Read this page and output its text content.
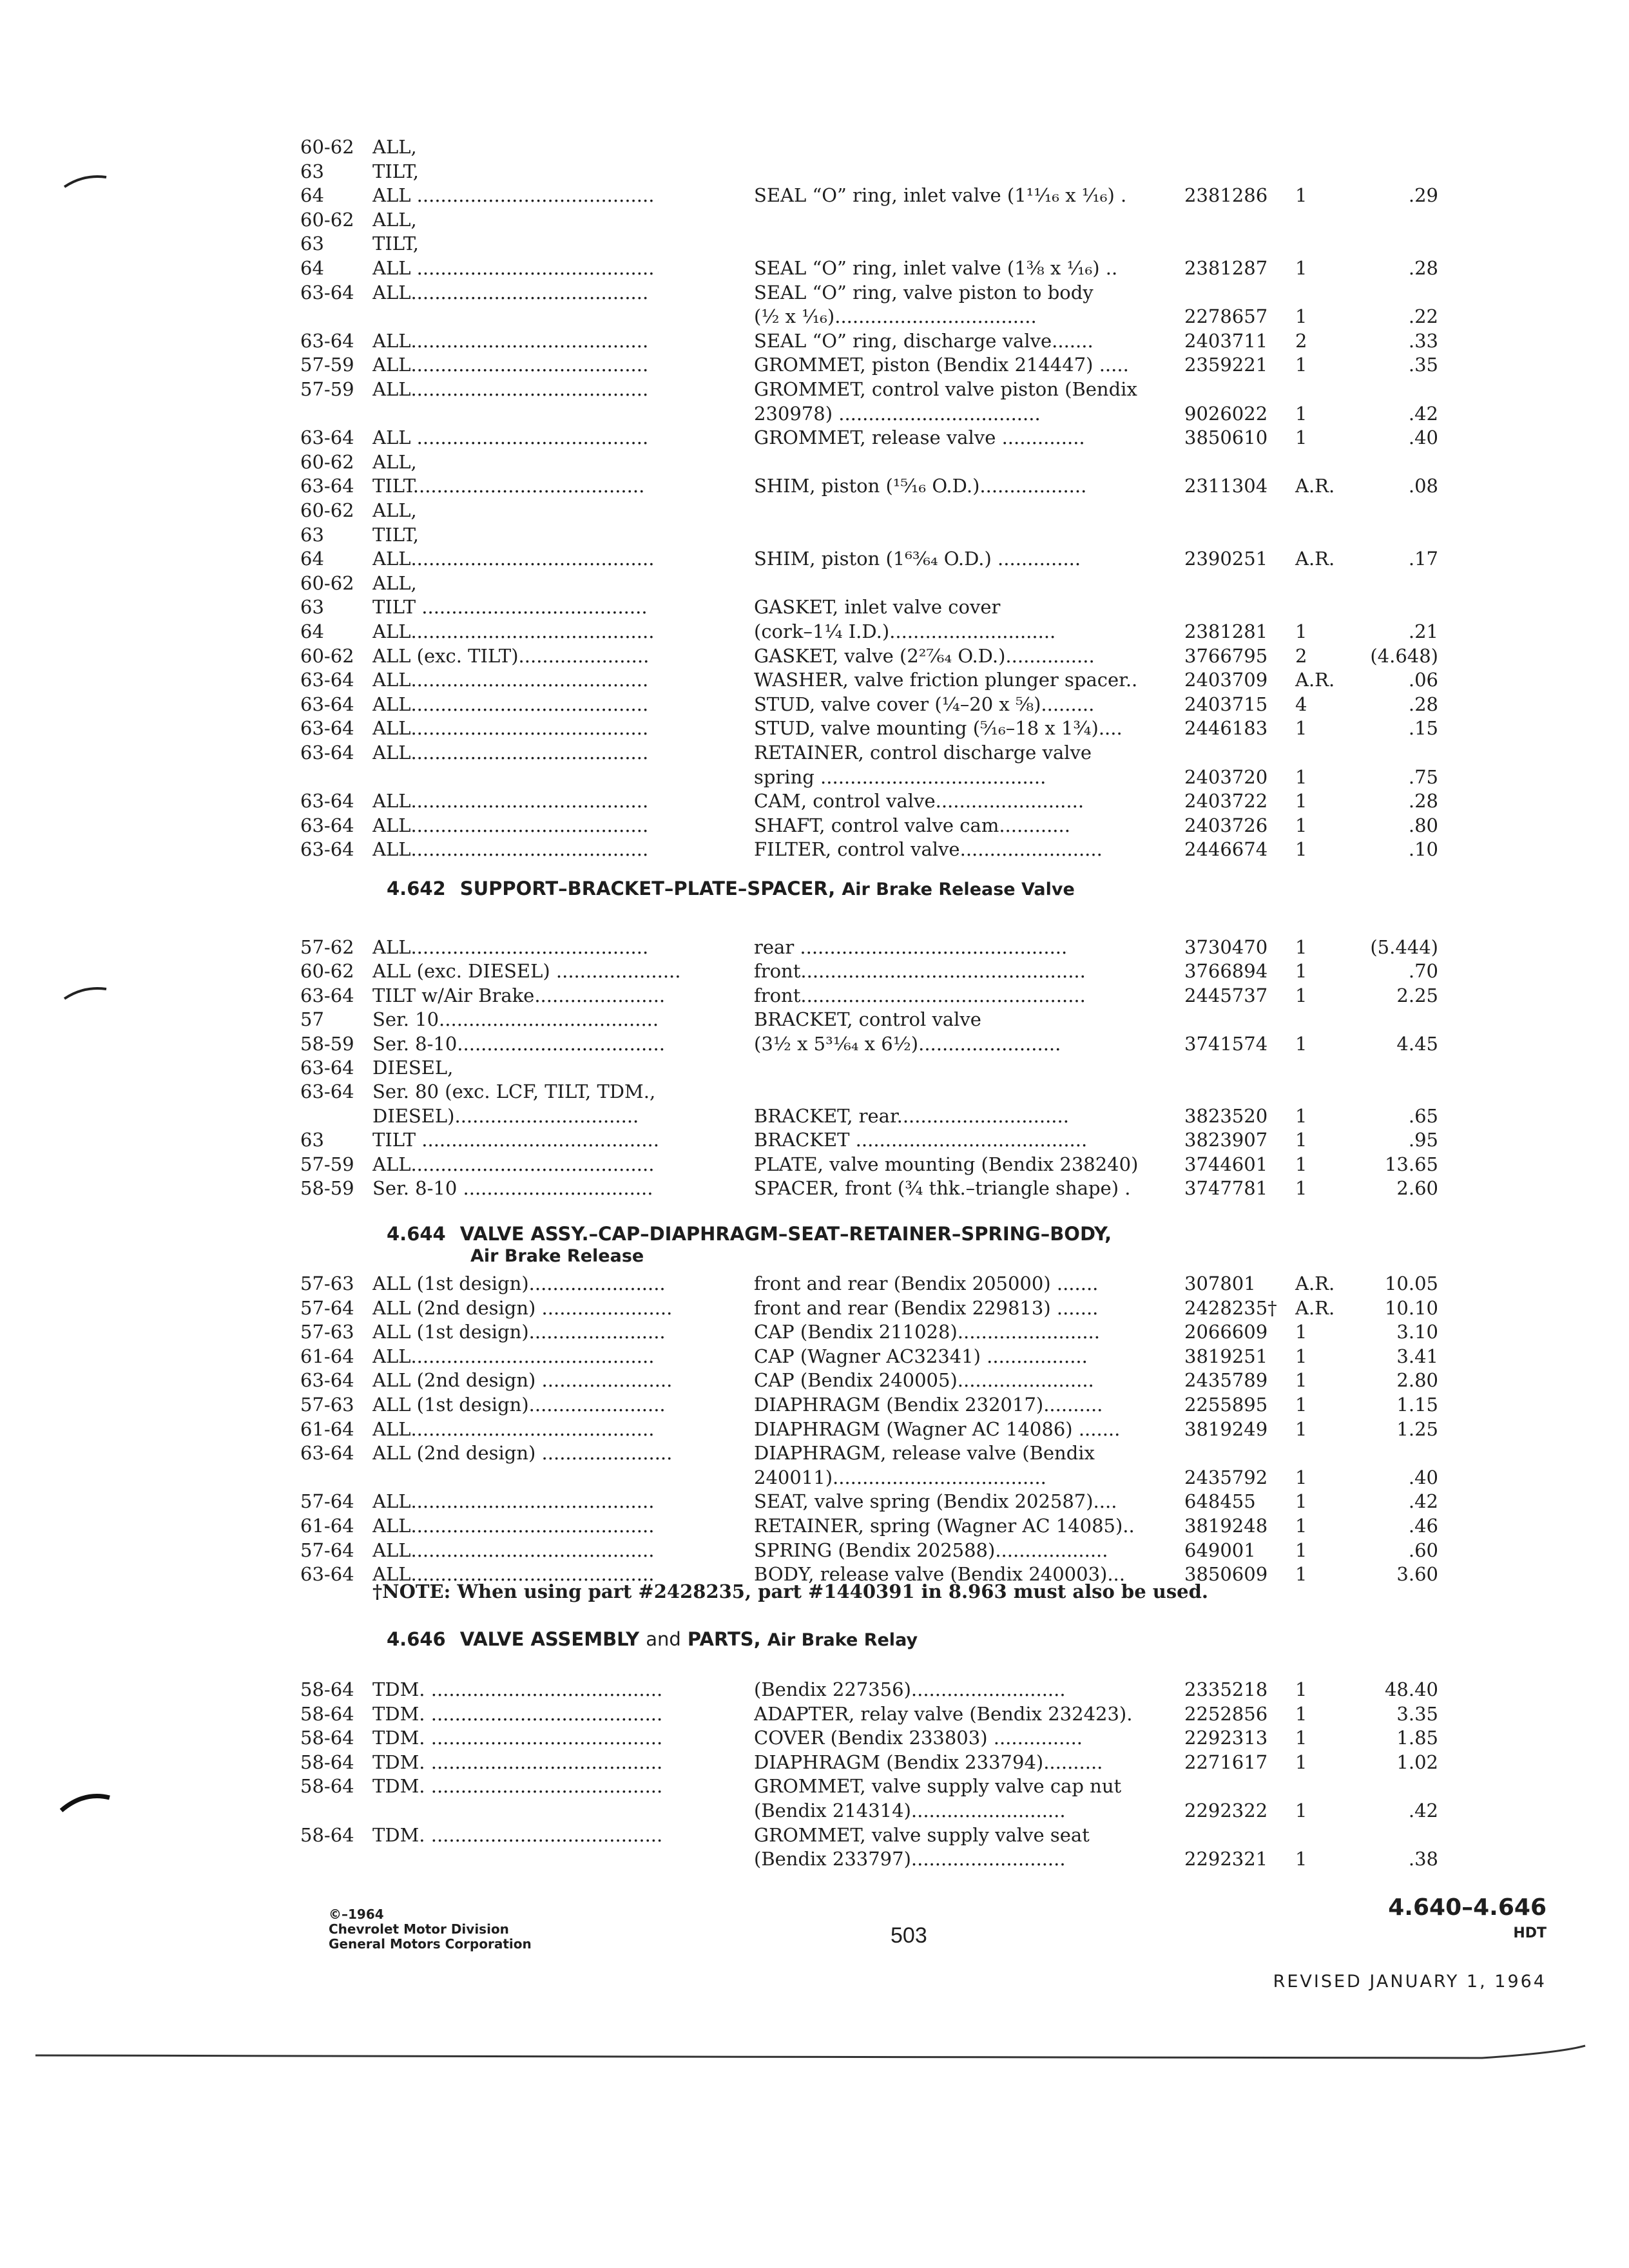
60-62 ALL,
63	TILT,
64	ALL ........................................	SEAL “O” ring, inlet valve (1¹¹⁄₁₆ x ¹⁄₁₆) .	2381286	1	.29
60-62 ALL,
63	TILT,
64	ALL ........................................	SEAL “O” ring, inlet valve (1⅜ x ¹⁄₁₆) ..	2381287	1	.28
63-64 ALL........................................	SEAL “O” ring, valve piston to body
(½ x ¹⁄₁₆)..................................	2278657	1	.22
63-64 ALL........................................	SEAL “O” ring, discharge valve.......	2403711	2	.33
57-59 ALL........................................	GROMMET, piston (Bendix 214447) .....	2359221	1	.35
57-59 ALL........................................	GROMMET, control valve piston (Bendix
230978) ..................................	9026022	1	.42
63-64 ALL .......................................	GROMMET, release valve ..............	3850610	1	.40
60-62 ALL,
63-64 TILT.......................................	SHIM, piston (¹⁵⁄₁₆ O.D.)..................	2311304	A.R.	.08
60-62 ALL,
63	TILT,
64	ALL.........................................	SHIM, piston (1⁶³⁄₆₄ O.D.) ..............	2390251	A.R.	.17
60-62 ALL,
63	TILT ......................................	GASKET, inlet valve cover
64	ALL.........................................	(cork–1¼ I.D.)............................	2381281	1	.21
60-62 ALL (exc. TILT)......................	GASKET, valve (2²⁷⁄₆₄ O.D.)...............	3766795	2	(4.648)
63-64 ALL........................................	WASHER, valve friction plunger spacer..	2403709	A.R.	.06
63-64 ALL........................................	STUD, valve cover (¼–20 x ⅝).........	2403715	4	.28
63-64 ALL........................................	STUD, valve mounting (⁵⁄₁₆–18 x 1¾)....	2446183	1	.15
63-64 ALL........................................	RETAINER, control discharge valve
spring ......................................	2403720	1	.75
63-64 ALL........................................	CAM, control valve.........................	2403722	1	.28
63-64 ALL........................................	SHAFT, control valve cam............	2403726	1	.80
63-64 ALL........................................	FILTER, control valve........................	2446674	1	.10
4.642 SUPPORT–BRACKET–PLATE–SPACER, Air Brake Release Valve
57-62 ALL........................................	rear .............................................	3730470	1	(5.444)
60-62 ALL (exc. DIESEL) .....................	front................................................	3766894	1	.70
63-64 TILT w/Air Brake......................	front................................................	2445737	1	2.25
57	Ser. 10.....................................	BRACKET, control valve
58-59 Ser. 8-10...................................	(3½ x 5³¹⁄₆₄ x 6½)........................	3741574	1	4.45
63-64 DIESEL,
63-64 Ser. 80 (exc. LCF, TILT, TDM.,
DIESEL)...............................	BRACKET, rear.............................	3823520	1	.65
63	TILT ........................................	BRACKET .......................................	3823907	1	.95
57-59 ALL.........................................	PLATE, valve mounting (Bendix 238240)	3744601	1	13.65
58-59 Ser. 8-10 ................................	SPACER, front (¾ thk.–triangle shape) .	3747781	1	2.60
4.644 VALVE ASSY.–CAP–DIAPHRAGM–SEAT–RETAINER–SPRING–BODY,
Air Brake Release
57-63 ALL (1st design).......................	front and rear (Bendix 205000) .......	307801	A.R.	10.05
57-64 ALL (2nd design) ......................	front and rear (Bendix 229813) .......	2428235† A.R.	10.10
57-63 ALL (1st design).......................	CAP (Bendix 211028)........................	2066609	1	3.10
61-64 ALL.........................................	CAP (Wagner AC32341) .................	3819251	1	3.41
63-64 ALL (2nd design) ......................	CAP (Bendix 240005).......................	2435789	1	2.80
57-63 ALL (1st design).......................	DIAPHRAGM (Bendix 232017)..........	2255895	1	1.15
61-64 ALL.........................................	DIAPHRAGM (Wagner AC 14086) .......	3819249	1	1.25
63-64 ALL (2nd design) ......................	DIAPHRAGM, release valve (Bendix
240011)....................................	2435792	1	.40
57-64 ALL.........................................	SEAT, valve spring (Bendix 202587)....	648455	1	.42
61-64 ALL.........................................	RETAINER, spring (Wagner AC 14085)..	3819248	1	.46
57-64 ALL.........................................	SPRING (Bendix 202588)...................	649001	1	.60
63-64 ALL.........................................	BODY, release valve (Bendix 240003)...	3850609	1	3.60
†NOTE: When using part #2428235, part #1440391 in 8.963 must also be used.
4.646 VALVE ASSEMBLY and PARTS, Air Brake Relay
58-64 TDM. .......................................	(Bendix 227356)..........................	2335218	1	48.40
58-64 TDM. .......................................	ADAPTER, relay valve (Bendix 232423).	2252856	1	3.35
58-64 TDM. .......................................	COVER (Bendix 233803) ...............	2292313	1	1.85
58-64 TDM. .......................................	DIAPHRAGM (Bendix 233794)..........	2271617	1	1.02
58-64 TDM. .......................................	GROMMET, valve supply valve cap nut
(Bendix 214314)..........................	2292322	1	.42
58-64 TDM. .......................................	GROMMET, valve supply valve seat
(Bendix 233797)..........................	2292321	1	.38
©–1964
Chevrolet Motor Division
General Motors Corporation	503
4.640–4.646
HDT
REVISED JANUARY 1, 1964
